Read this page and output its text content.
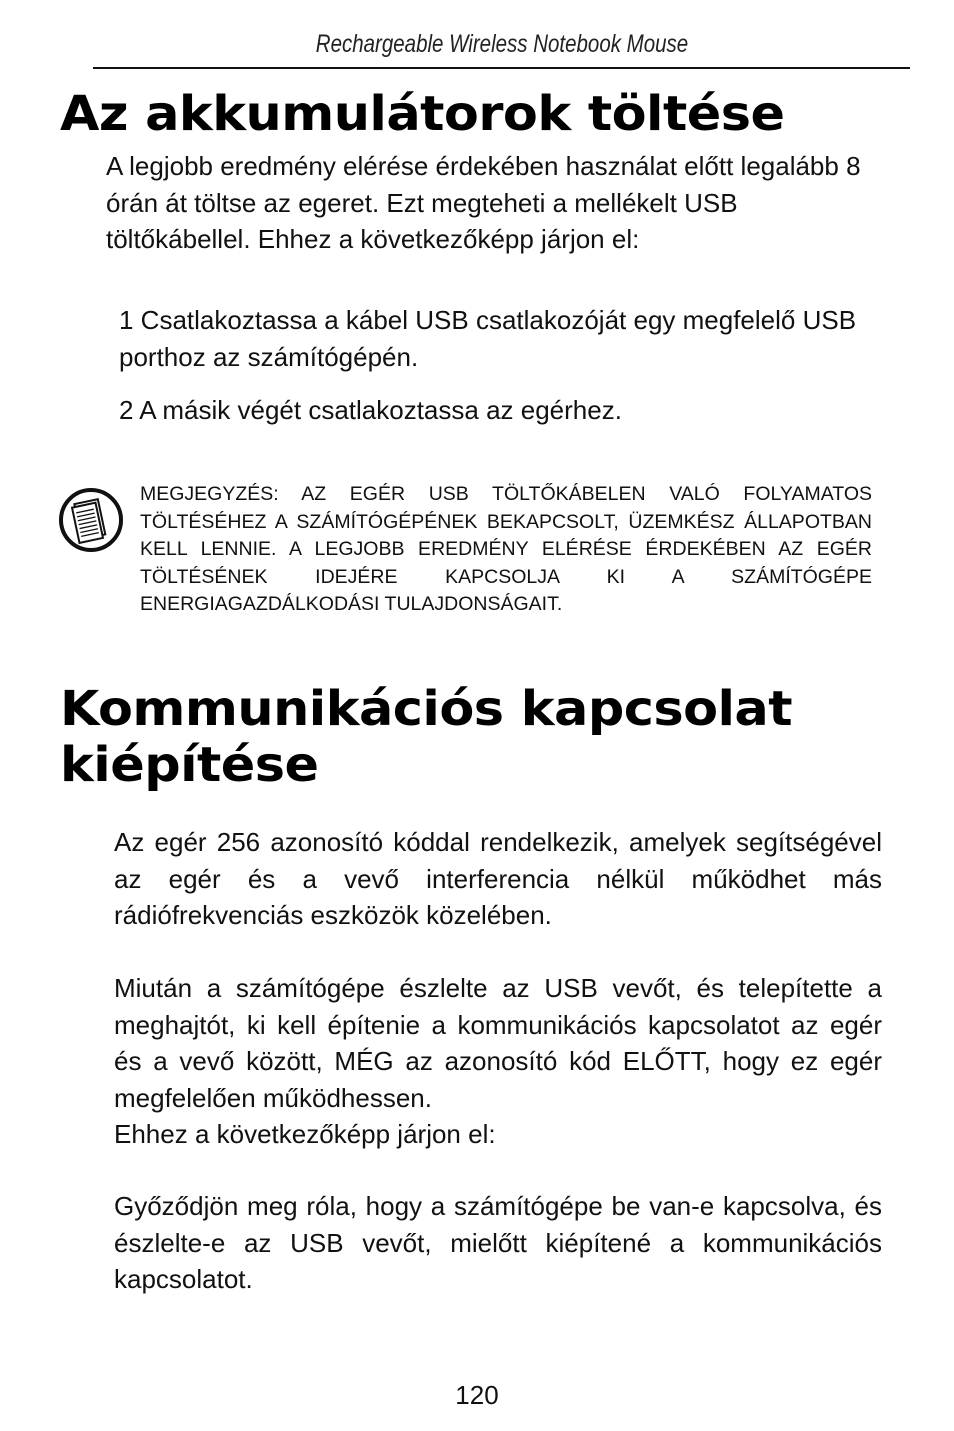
Rechargeable Wireless Notebook Mouse
Az akkumulátorok töltése

A legjobb eredmény elérése érdekében használat előtt legalább 8 órán át töltse az egeret. Ezt megteheti a mellékelt USB töltőkábellel. Ehhez a következőképp járjon el:

1 Csatlakoztassa a kábel USB csatlakozóját egy megfelelő USB porthoz az számítógépén.

2 A másik végét csatlakoztassa az egérhez.

MEGJEGYZÉS: AZ EGÉR USB TÖLTŐKÁBELEN VALÓ FOLYAMATOS TÖLTÉSÉHEZ A SZÁMÍTÓGÉPÉNEK BEKAPCSOLT, ÜZEMKÉSZ ÁLLAPOTBAN KELL LENNIE. A LEGJOBB EREDMÉNY ELÉRÉSE ÉRDEKÉBEN AZ EGÉR TÖLTÉSÉNEK IDEJÉRE KAPCSOLJA KI A SZÁMÍTÓGÉPE ENERGIAGAZDÁLKODÁSI TULAJDONSÁGAIT.

Kommunikációs kapcsolat
kiépítése

Az egér 256 azonosító kóddal rendelkezik, amelyek segítségével az egér és a vevő interferencia nélkül működhet más rádiófrekvenciás eszközök közelében.

Miután a számítógépe észlelte az USB vevőt, és telepítette a meghajtót, ki kell építenie a kommunikációs kapcsolatot az egér és a vevő között, MÉG az azonosító kód ELŐTT, hogy ez egér megfelelően működhessen.

Ehhez a következőképp járjon el:

Győződjön meg róla, hogy a számítógépe be van-e kapcsolva, és észlelte-e az USB vevőt, mielőtt kiépítené a kommunikációs kapcsolatot.

120
